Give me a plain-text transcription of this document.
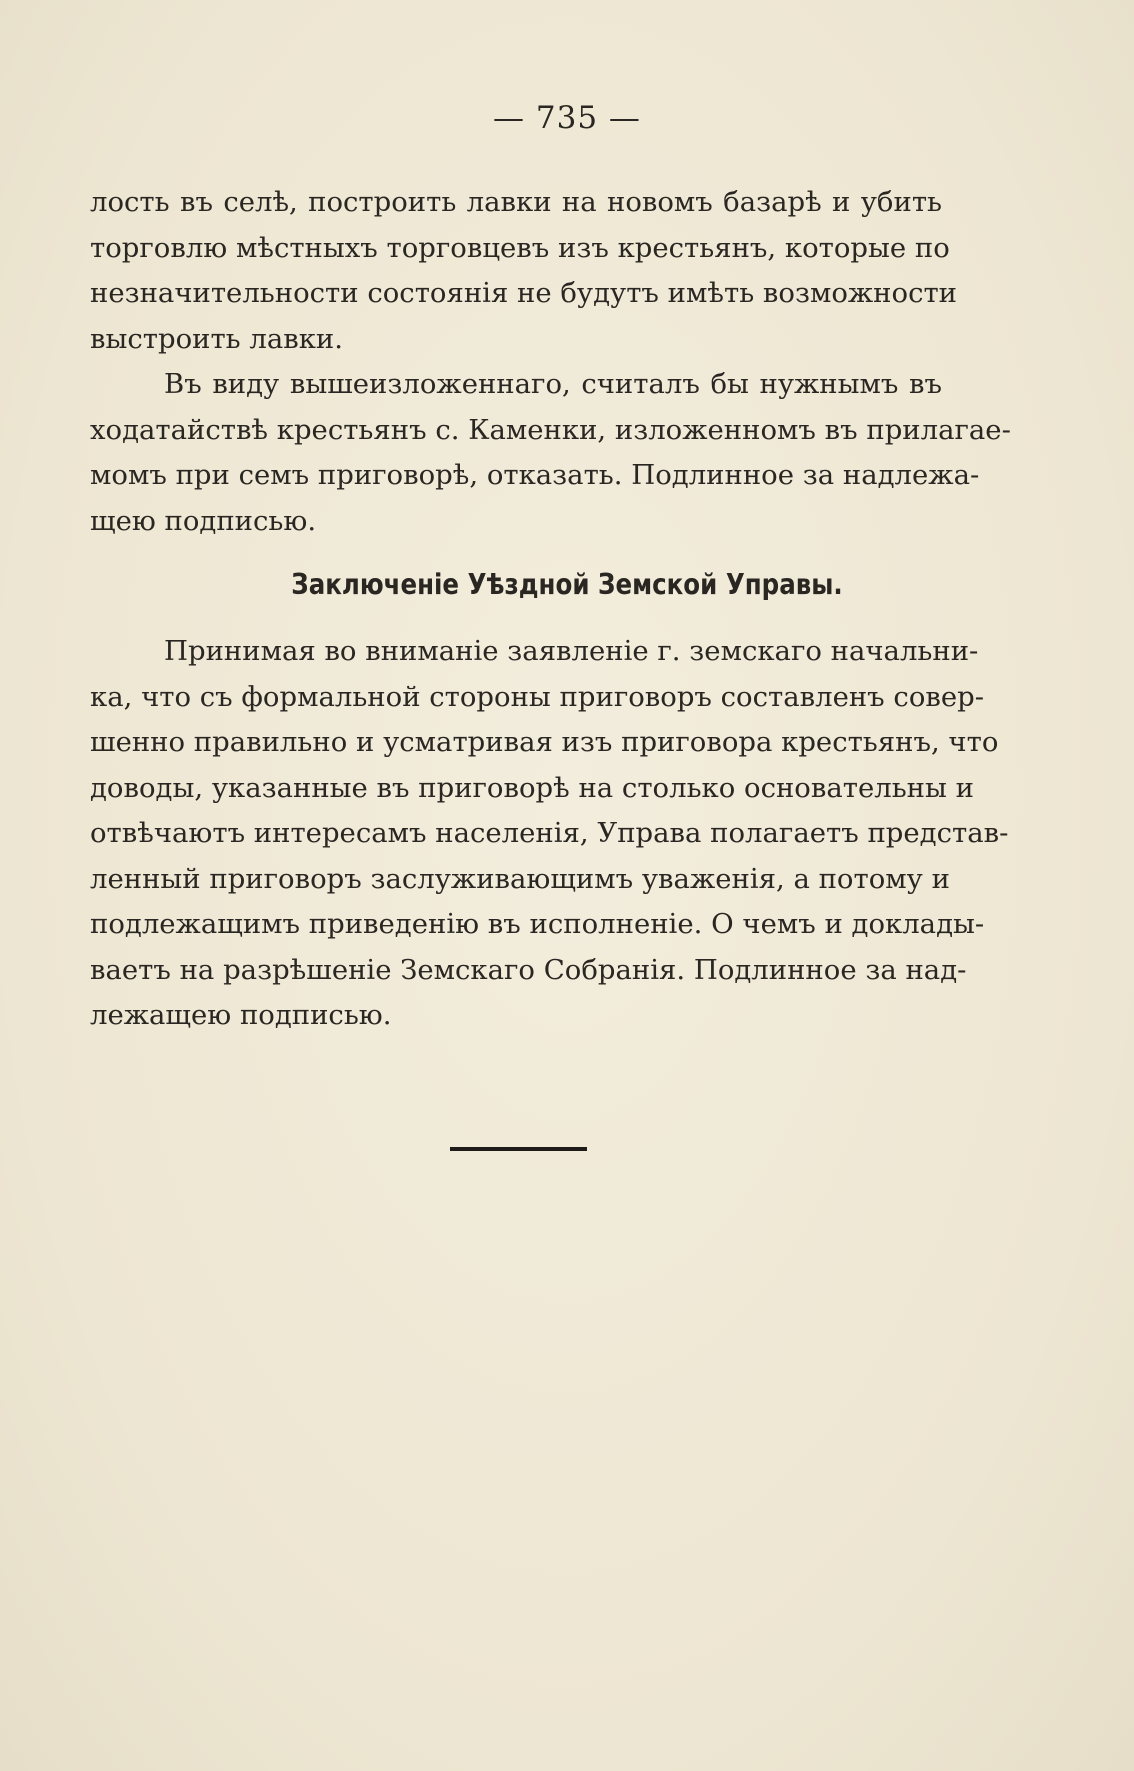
— 735 —
лость въ селѣ, построить лавки на новомъ базарѣ и убить
торговлю мѣстныхъ торговцевъ изъ крестьянъ, которые по
незначительности состоянія не будутъ имѣть возможности
выстроить лавки.
Въ виду вышеизложеннаго, считалъ бы нужнымъ въ
ходатайствѣ крестьянъ с. Каменки, изложенномъ въ прилагае-
момъ при семъ приговорѣ, отказать. Подлинное за надлежа-
щею подписью.
Заключеніе Уѣздной Земской Управы.
Принимая во вниманіе заявленіе г. земскаго начальни-
ка, что съ формальной стороны приговоръ составленъ совер-
шенно правильно и усматривая изъ приговора крестьянъ, что
доводы, указанные въ приговорѣ на столько основательны и
отвѣчаютъ интересамъ населенія, Управа полагаетъ представ-
ленный приговоръ заслуживающимъ уваженія, а потому и
подлежащимъ приведенію въ исполненіе. О чемъ и доклады-
ваетъ на разрѣшеніе Земскаго Собранія. Подлинное за над-
лежащею подписью.
